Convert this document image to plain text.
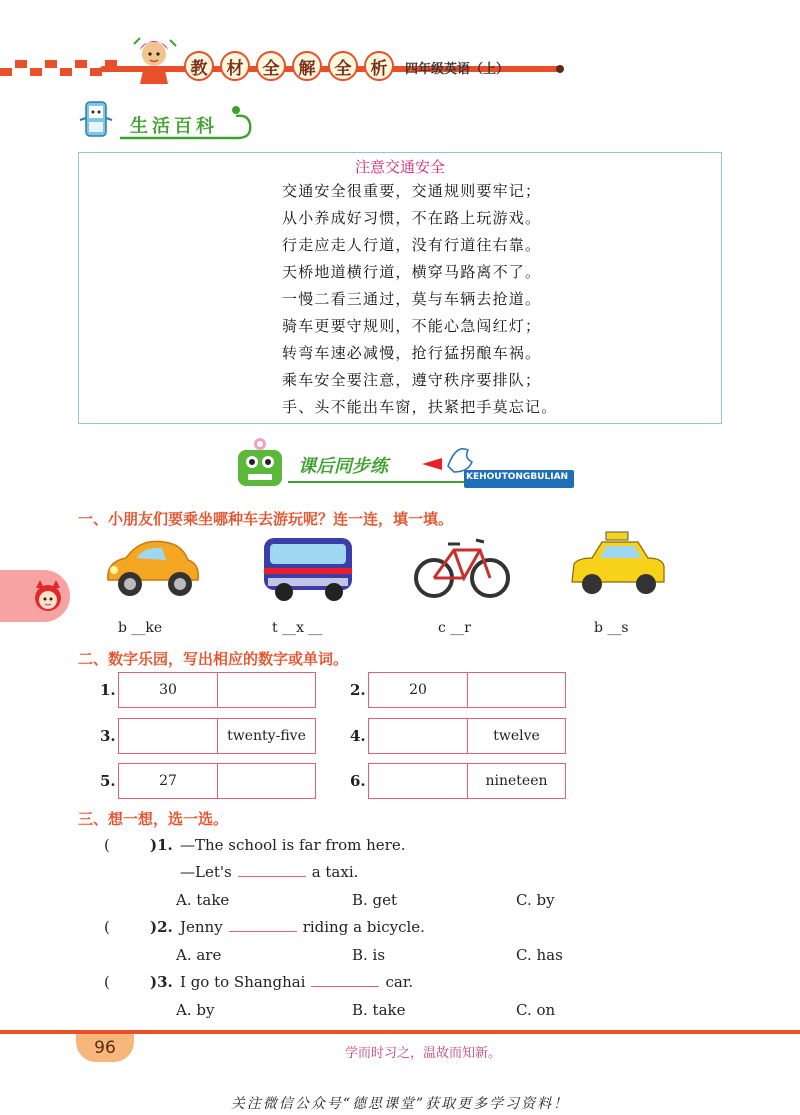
教	材	全	解	全	析	四年级英语（上）
生活百科
注意交通安全
交通安全很重要，交通规则要牢记；
从小养成好习惯，不在路上玩游戏。
行走应走人行道，没有行道往右靠。
天桥地道横行道，横穿马路离不了。
一慢二看三通过，莫与车辆去抢道。
骑车更要守规则，不能心急闯红灯；
转弯车速必减慢，抢行猛拐酿车祸。
乘车安全要注意，遵守秩序要排队；
手、头不能出车窗，扶紧把手莫忘记。
课后同步练	KEHOUTONGBULIAN
一、小朋友们要乘坐哪种车去游玩呢？连一连，填一填。
b __ke	t __x __	c __r	b __s
二、数字乐园，写出相应的数字或单词。
1.	30	2.	20
3.	twenty-five	4.	twelve
5.	27	6.	nineteen
三、想一想，选一选。
(	)1. —The school is far from here.
—Let's	a taxi.
A. take	B. get	C. by
(	)2. Jenny	riding a bicycle.
A. are	B. is	C. has
(	)3. I go to Shanghai	car.
A. by	B. take	C. on
96	学而时习之，温故而知新。
关注微信公众号“德思课堂”获取更多学习资料！
